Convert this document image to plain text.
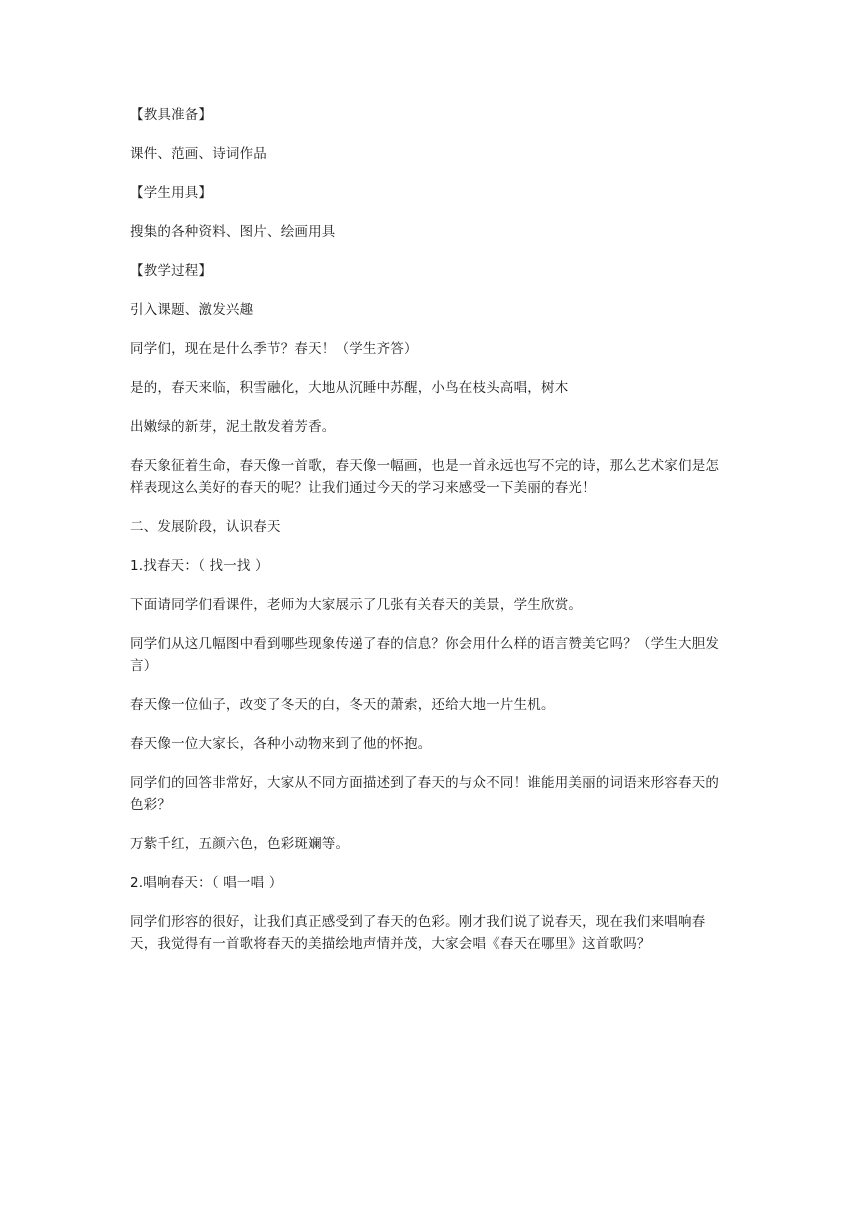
【教具准备】

课件、范画、诗词作品

【学生用具】

搜集的各种资料、图片、绘画用具

【教学过程】

引入课题、激发兴趣

同学们，现在是什么季节？春天！（学生齐答）

是的，春天来临，积雪融化，大地从沉睡中苏醒，小鸟在枝头高唱，树木

出嫩绿的新芽，泥土散发着芳香。

春天象征着生命，春天像一首歌，春天像一幅画，也是一首永远也写不完的诗，那么艺术家们是怎样表现这么美好的春天的呢？让我们通过今天的学习来感受一下美丽的春光！

二、发展阶段，认识春天

1.找春天：（ 找一找 ）

下面请同学们看课件，老师为大家展示了几张有关春天的美景，学生欣赏。

同学们从这几幅图中看到哪些现象传递了春的信息？你会用什么样的语言赞美它吗？（学生大胆发言）

春天像一位仙子，改变了冬天的白，冬天的萧索，还给大地一片生机。

春天像一位大家长，各种小动物来到了他的怀抱。

同学们的回答非常好，大家从不同方面描述到了春天的与众不同！谁能用美丽的词语来形容春天的色彩？

万紫千红，五颜六色，色彩斑斓等。

2.唱响春天：（ 唱一唱 ）

同学们形容的很好，让我们真正感受到了春天的色彩。刚才我们说了说春天，现在我们来唱响春天，我觉得有一首歌将春天的美描绘地声情并茂，大家会唱《春天在哪里》这首歌吗？
